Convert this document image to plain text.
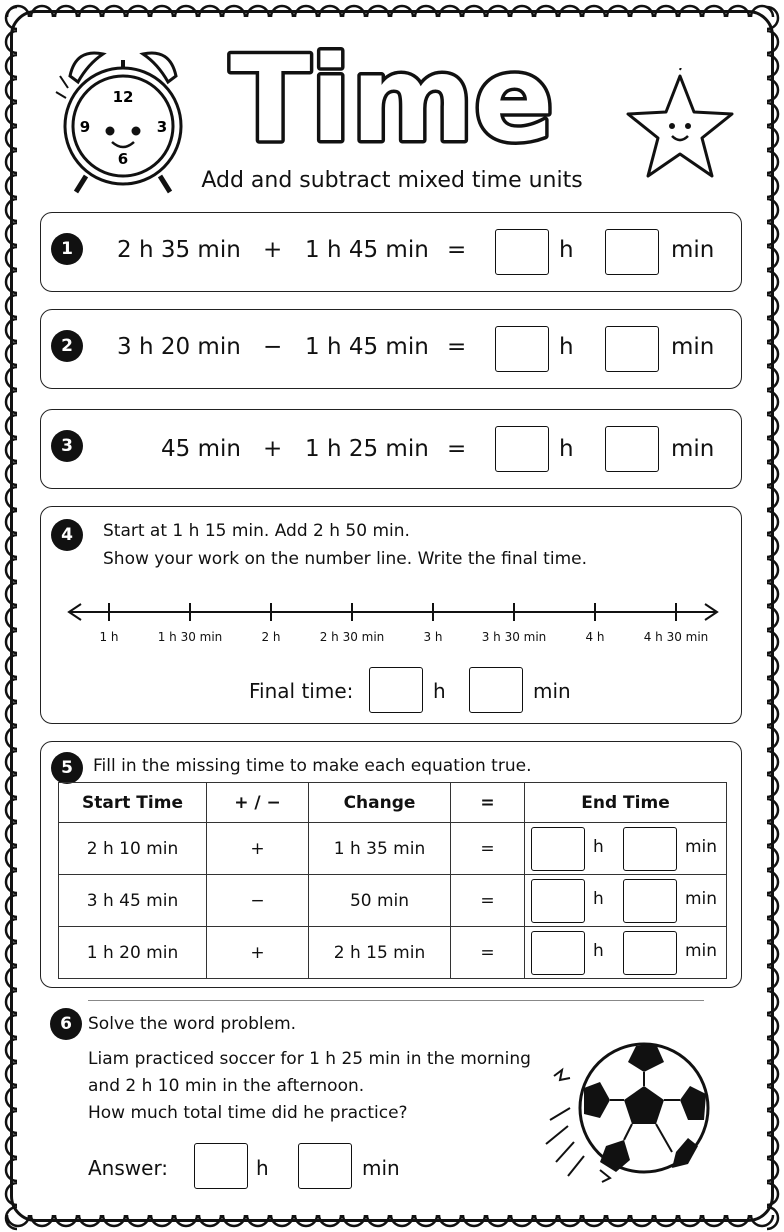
12
3
6
9 Time
Add and subtract mixed time units
1	2 h 35 min + 1 h 45 min =	h	min
2	3 h 20 min − 1 h 45 min =	h	min
3	45 min + 1 h 25 min =	h	min
4	Start at 1 h 15 min. Add 2 h 50 min.
Show your work on the number line. Write the final time.
1 h	1 h 30 min	2 h	2 h 30 min	3 h	3 h 30 min	4 h	4 h 30 min
Final time:	h	min
5	Fill in the missing time to make each equation true.
Start Time	+ / −	Change	=	End Time
2 h 10 min	+	1 h 35 min	=	h min

3 h 45 min	−	50 min	=	h min

1 h 20 min	+	2 h 15 min	=	h min
6 Solve the word problem.
Liam practiced soccer for 1 h 25 min in the morning
and 2 h 10 min in the afternoon.
How much total time did he practice?
Answer:	h	min
